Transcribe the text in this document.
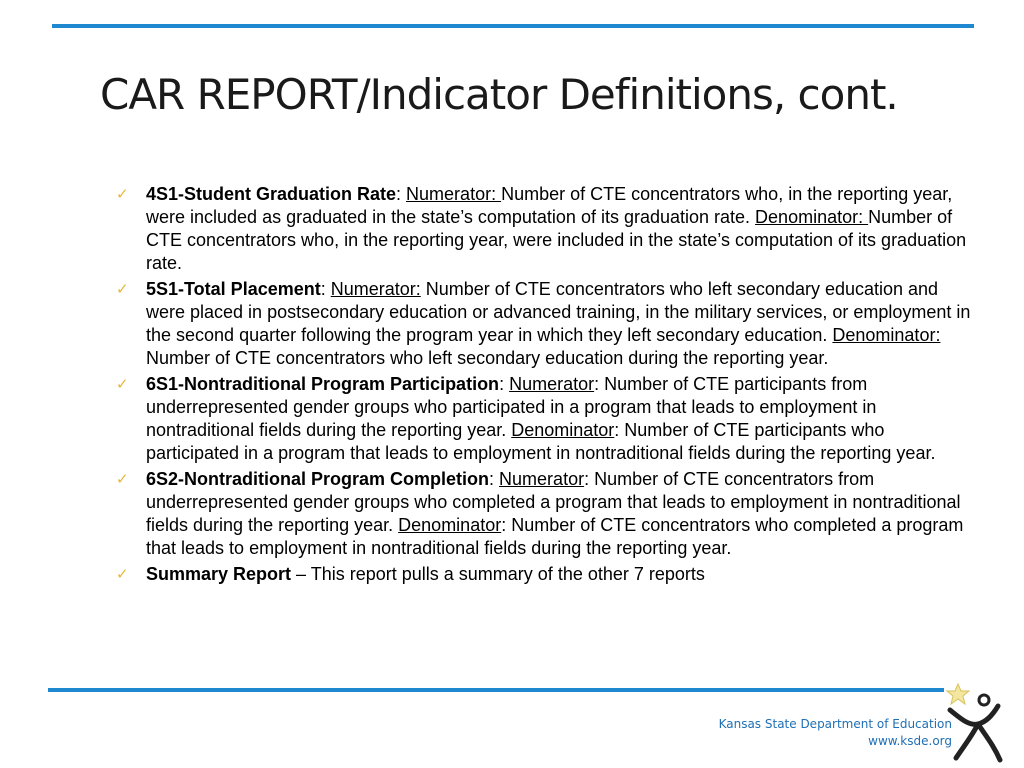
CAR REPORT/Indicator Definitions, cont.
✓ 4S1-Student Graduation Rate: Numerator: Number of CTE concentrators who, in the reporting year, were included as graduated in the state’s computation of its graduation rate. Denominator: Number of CTE concentrators who, in the reporting year, were included in the state’s computation of its graduation rate.
✓ 5S1-Total Placement: Numerator: Number of CTE concentrators who left secondary education and were placed in postsecondary education or advanced training, in the military services, or employment in the second quarter following the program year in which they left secondary education. Denominator: Number of CTE concentrators who left secondary education during the reporting year.
✓ 6S1-Nontraditional Program Participation: Numerator: Number of CTE participants from underrepresented gender groups who participated in a program that leads to employment in nontraditional fields during the reporting year. Denominator: Number of CTE participants who participated in a program that leads to employment in nontraditional fields during the reporting year.
✓ 6S2-Nontraditional Program Completion: Numerator: Number of CTE concentrators from underrepresented gender groups who completed a program that leads to employment in nontraditional fields during the reporting year. Denominator: Number of CTE concentrators who completed a program that leads to employment in nontraditional fields during the reporting year.
✓ Summary Report – This report pulls a summary of the other 7 reports
Kansas State Department of Education
www.ksde.org
